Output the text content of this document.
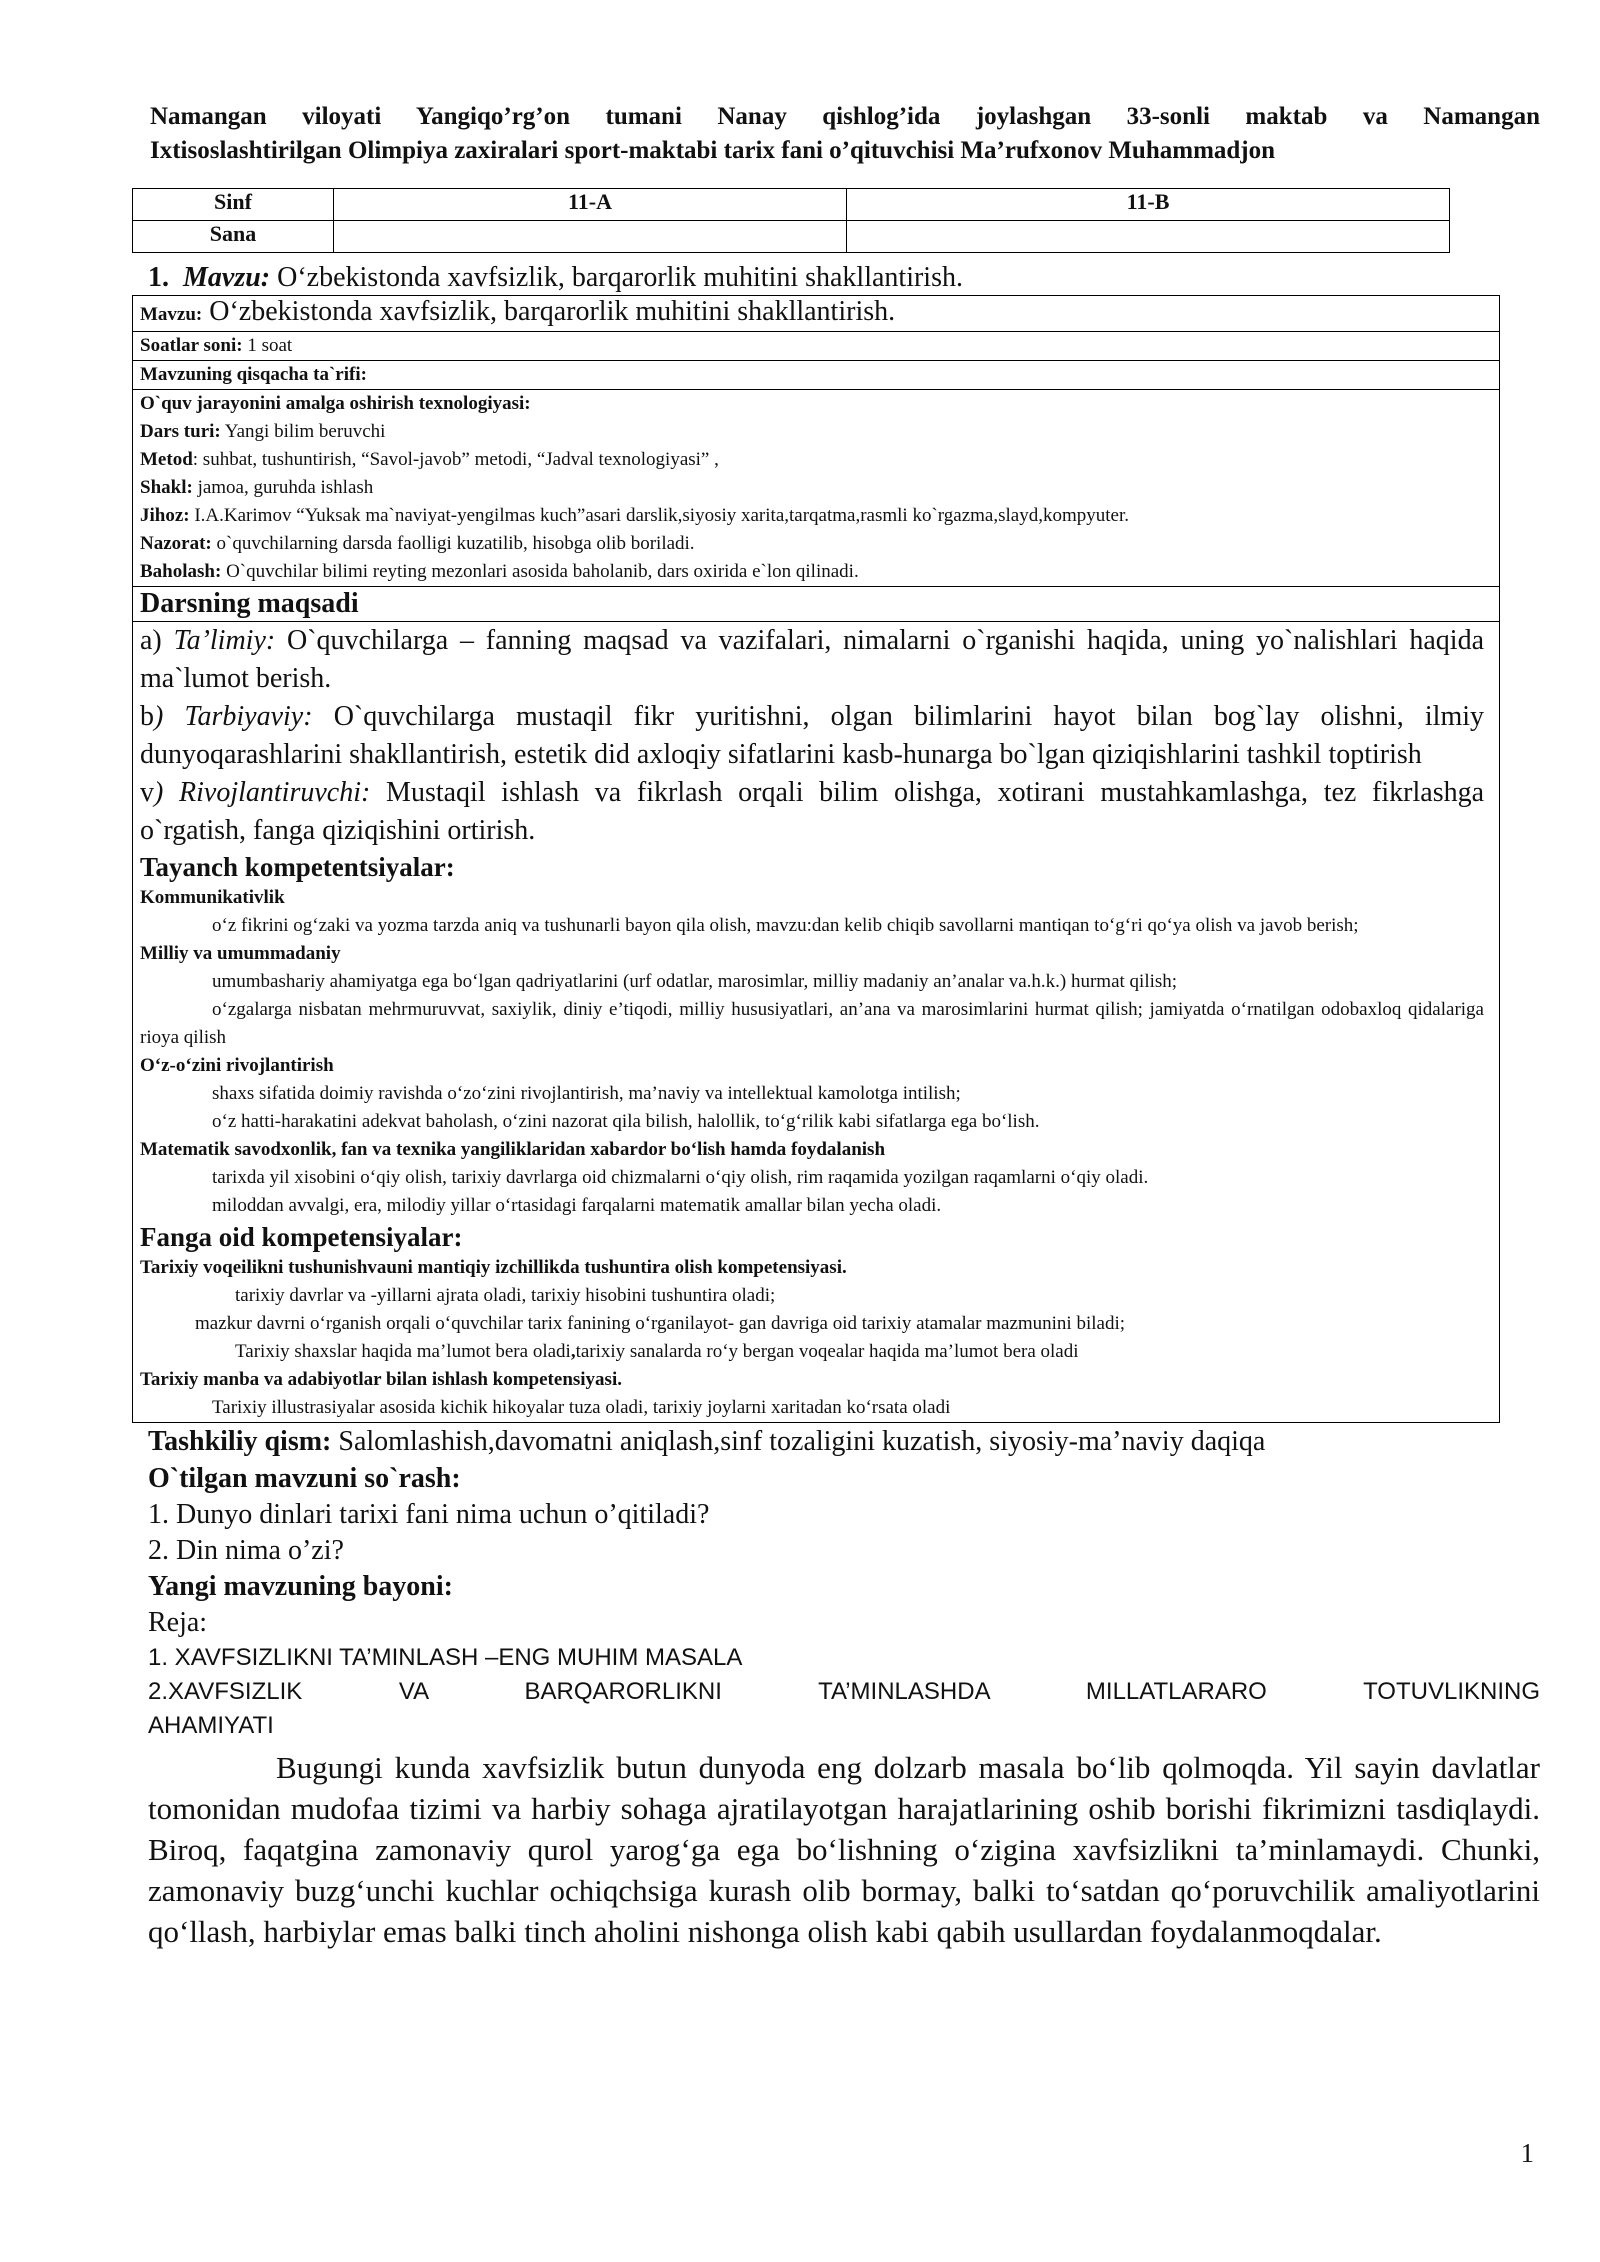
Namangan viloyati Yangiqo’rg’on tumani Nanay qishlog’ida joylashgan 33-sonli maktab va Namangan
Ixtisoslashtirilgan Olimpiya zaxiralari sport-maktabi tarix fani o’qituvchisi Ma’rufxonov Muhammadjon
Sinf	11-A	11-B
Sana		
1. Mavzu: O‘zbekistonda xavfsizlik, barqarorlik muhitini shakllantirish.
Mavzu: O‘zbekistonda xavfsizlik, barqarorlik muhitini shakllantirish.
Soatlar soni: 1 soat
Mavzuning qisqacha ta`rifi:
O`quv jarayonini amalga oshirish texnologiyasi:
Dars turi: Yangi bilim beruvchi
Metod: suhbat, tushuntirish, “Savol-javob” metodi, “Jadval texnologiyasi” ,
Shakl: jamoa, guruhda ishlash
Jihoz: I.A.Karimov “Yuksak ma`naviyat-yengilmas kuch”asari darslik,siyosiy xarita,tarqatma,rasmli ko`rgazma,slayd,kompyuter.
Nazorat: o`quvchilarning darsda faolligi kuzatilib, hisobga olib boriladi.
Baholash: O`quvchilar bilimi reyting mezonlari asosida baholanib, dars oxirida e`lon qilinadi.
Darsning maqsadi
a) Ta’limiy: O`quvchilarga – fanning maqsad va vazifalari, nimalarni o`rganishi haqida, uning yo`nalishlari haqida ma`lumot berish.
b) Tarbiyaviy: O`quvchilarga mustaqil fikr yuritishni, olgan bilimlarini hayot bilan bog`lay olishni, ilmiy dunyoqarashlarini shakllantirish, estetik did axloqiy sifatlarini kasb-hunarga bo`lgan qiziqishlarini tashkil toptirish
v) Rivojlantiruvchi: Mustaqil ishlash va fikrlash orqali bilim olishga, xotirani mustahkamlashga, tez fikrlashga o`rgatish, fanga qiziqishini ortirish.
Tayanch kompetentsiyalar:
Kommunikativlik
o‘z fikrini og‘zaki va yozma tarzda aniq va tushunarli bayon qila olish, mavzu:dan kelib chiqib savollarni mantiqan to‘g‘ri qo‘ya olish va javob berish;
Milliy va umummadaniy
umumbashariy ahamiyatga ega bo‘lgan qadriyatlarini (urf odatlar, marosimlar, milliy madaniy an’analar va.h.k.) hurmat qilish;
o‘zgalarga nisbatan mehrmuruvvat, saxiylik, diniy e’tiqodi, milliy hususiyatlari, an’ana va marosimlarini hurmat qilish; jamiyatda o‘rnatilgan odobaxloq qidalariga rioya qilish
O‘z-o‘zini rivojlantirish
shaxs sifatida doimiy ravishda o‘zo‘zini rivojlantirish, ma’naviy va intellektual kamolotga intilish;
o‘z hatti-harakatini adekvat baholash, o‘zini nazorat qila bilish, halollik, to‘g‘rilik kabi sifatlarga ega bo‘lish.
Matematik savodxonlik, fan va texnika yangiliklaridan xabardor bo‘lish hamda foydalanish
tarixda yil xisobini o‘qiy olish, tarixiy davrlarga oid chizmalarni o‘qiy olish, rim raqamida yozilgan raqamlarni o‘qiy oladi.
miloddan avvalgi, era, milodiy yillar o‘rtasidagi farqalarni matematik amallar bilan yecha oladi.
Fanga oid kompetensiyalar:
Tarixiy voqeilikni tushunishvauni mantiqiy izchillikda tushuntira olish kompetensiyasi.
tarixiy davrlar va -yillarni ajrata oladi, tarixiy hisobini tushuntira oladi;
mazkur davrni o‘rganish orqali o‘quvchilar tarix fanining o‘rganilayot- gan davriga oid tarixiy atamalar mazmunini biladi;
Tarixiy shaxslar haqida ma’lumot bera oladi,tarixiy sanalarda ro‘y bergan voqealar haqida ma’lumot bera oladi
Tarixiy manba va adabiyotlar bilan ishlash kompetensiyasi.
Tarixiy illustrasiyalar asosida kichik hikoyalar tuza oladi, tarixiy joylarni xaritadan ko‘rsata oladi
Tashkiliy qism: Salomlashish,davomatni aniqlash,sinf tozaligini kuzatish, siyosiy-ma’naviy daqiqa
O`tilgan mavzuni so`rash:
1. Dunyo dinlari tarixi fani nima uchun o’qitiladi?
2. Din nima o’zi?
Yangi mavzuning bayoni:
Reja:
1. XAVFSIZLIKNI TA’MINLASH –ENG MUHIM MASALA
2.XAVFSIZLIK VA BARQARORLIKNI TA’MINLASHDA MILLATLARARO TOTUVLIKNING
AHAMIYATI
Bugungi kunda xavfsizlik butun dunyoda eng dolzarb masala bo‘lib qolmoqda. Yil sayin davlatlar tomonidan mudofaa tizimi va harbiy sohaga ajratilayotgan harajatlarining oshib borishi fikrimizni tasdiqlaydi. Biroq, faqatgina zamonaviy qurol yarog‘ga ega bo‘lishning o‘zigina xavfsizlikni ta’minlamaydi. Chunki, zamonaviy buzg‘unchi kuchlar ochiqchsiga kurash olib bormay, balki to‘satdan qo‘poruvchilik amaliyotlarini qo‘llash, harbiylar emas balki tinch aholini nishonga olish kabi qabih usullardan foydalanmoqdalar.
1
